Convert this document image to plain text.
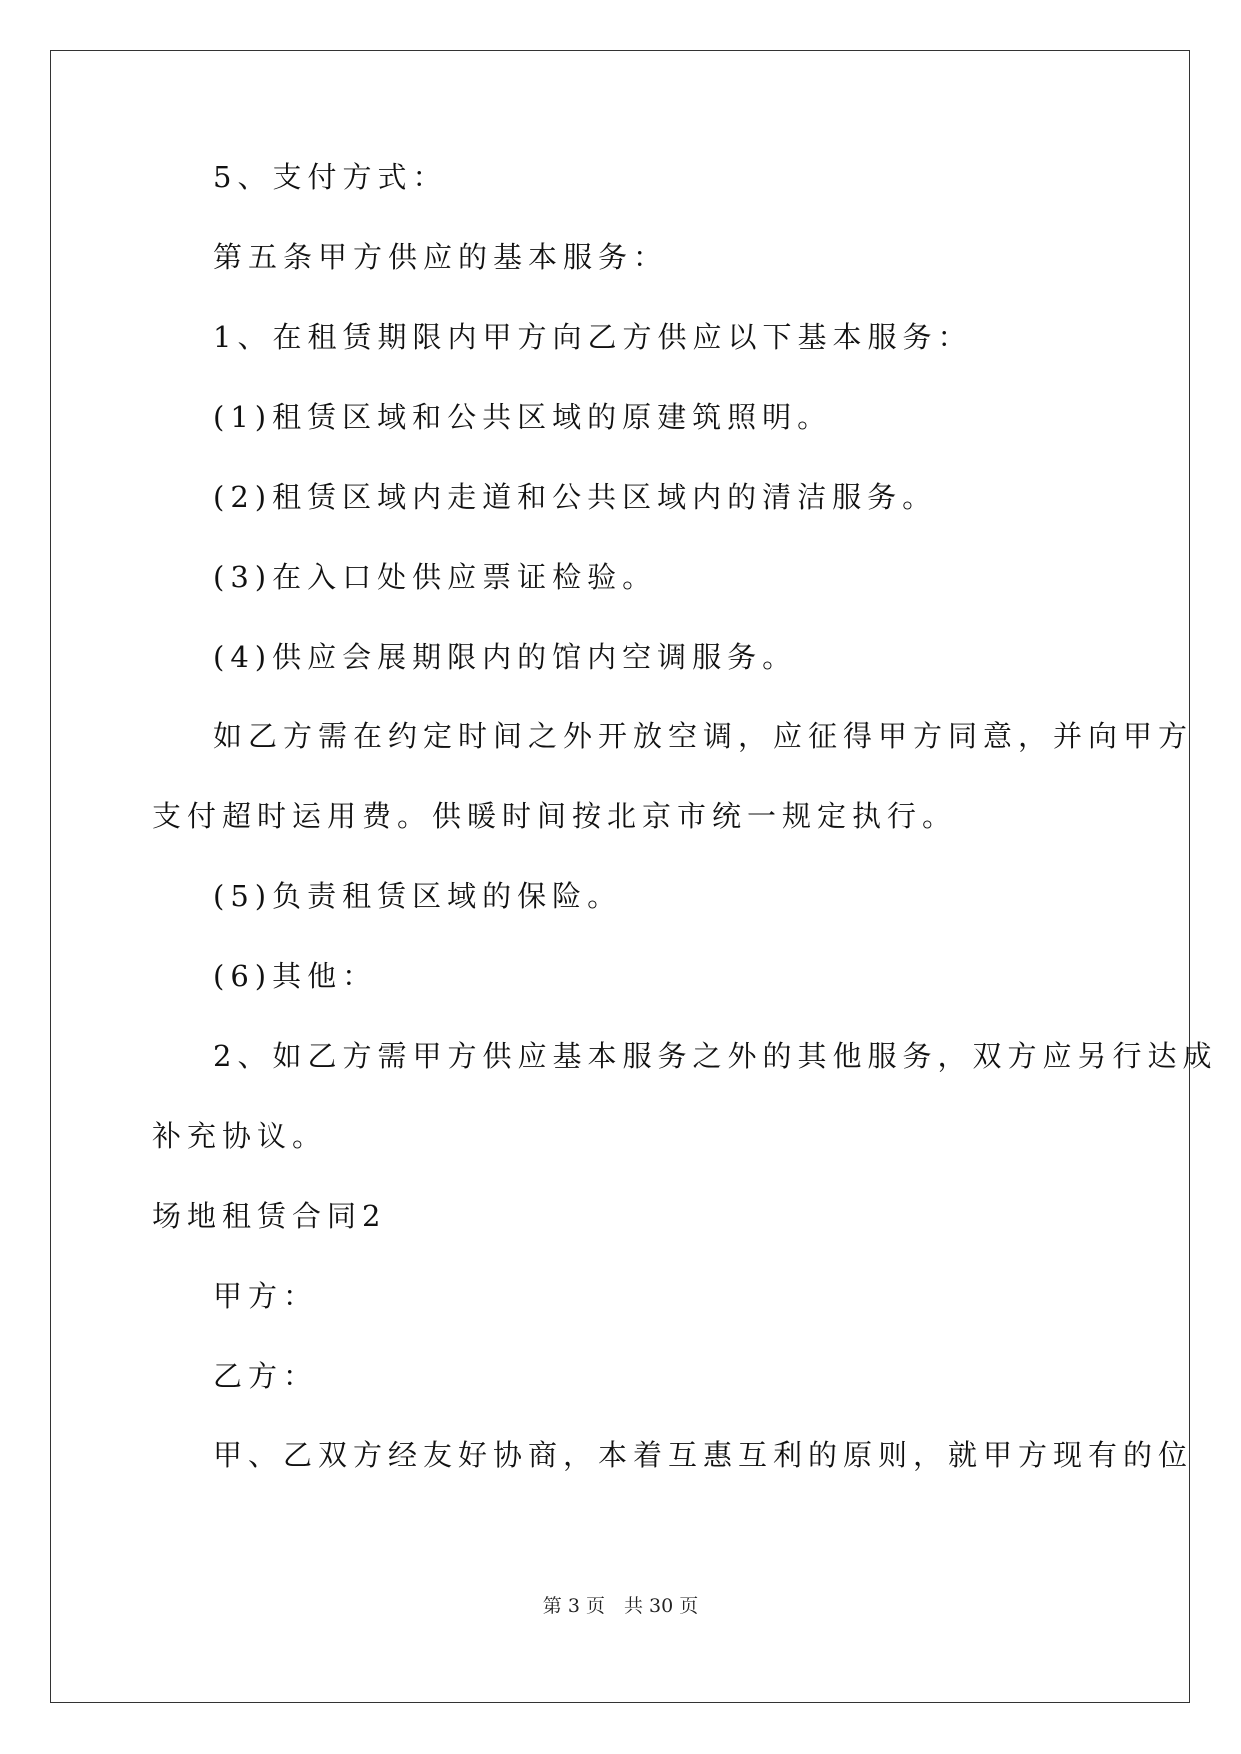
5、支付方式：
第五条甲方供应的基本服务：
1、在租赁期限内甲方向乙方供应以下基本服务：
(1)租赁区域和公共区域的原建筑照明。
(2)租赁区域内走道和公共区域内的清洁服务。
(3)在入口处供应票证检验。
(4)供应会展期限内的馆内空调服务。
如乙方需在约定时间之外开放空调，应征得甲方同意，并向甲方
支付超时运用费。供暖时间按北京市统一规定执行。
(5)负责租赁区域的保险。
(6)其他：
2、如乙方需甲方供应基本服务之外的其他服务，双方应另行达成
补充协议。
场地租赁合同2
甲方：
乙方：
甲、乙双方经友好协商，本着互惠互利的原则，就甲方现有的位
第 3 页　共 30 页
